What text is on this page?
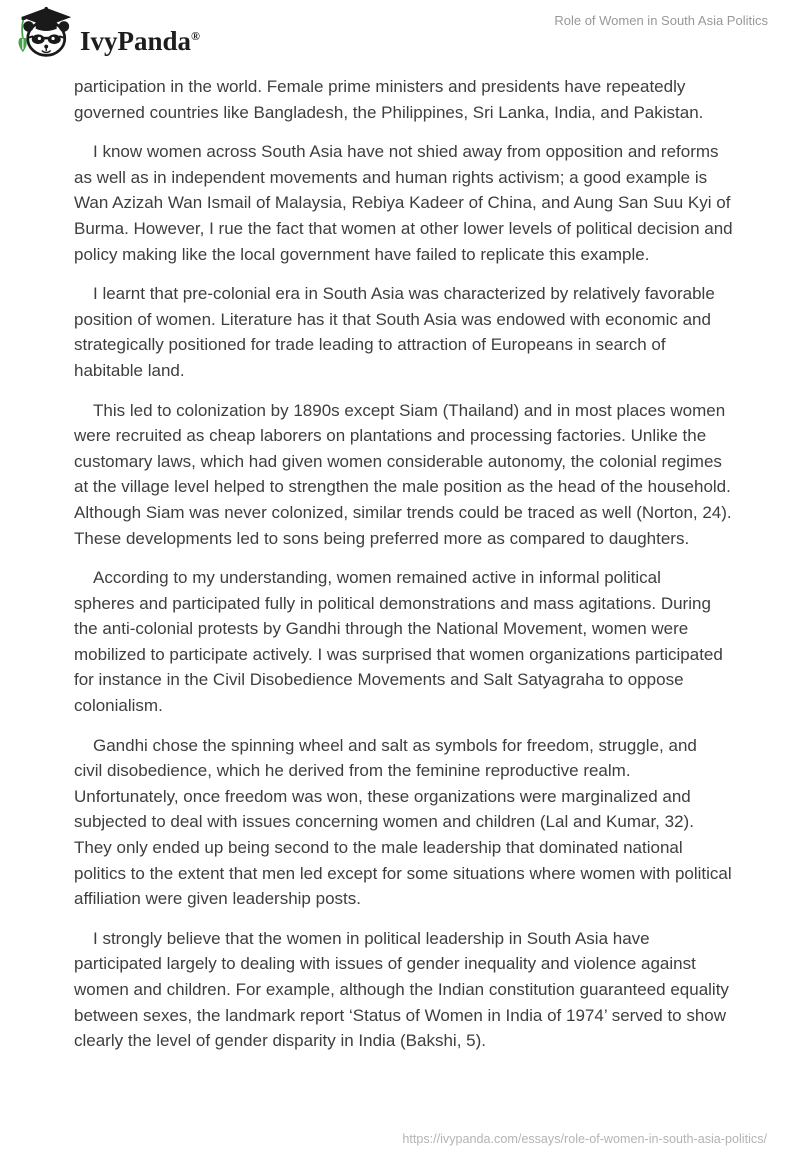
IvyPanda®
Role of Women in South Asia Politics
participation in the world. Female prime ministers and presidents have repeatedly
governed countries like Bangladesh, the Philippines, Sri Lanka, India, and Pakistan.
I know women across South Asia have not shied away from opposition and reforms
as well as in independent movements and human rights activism; a good example is
Wan Azizah Wan Ismail of Malaysia, Rebiya Kadeer of China, and Aung San Suu Kyi of
Burma. However, I rue the fact that women at other lower levels of political decision and
policy making like the local government have failed to replicate this example.
I learnt that pre-colonial era in South Asia was characterized by relatively favorable
position of women. Literature has it that South Asia was endowed with economic and
strategically positioned for trade leading to attraction of Europeans in search of
habitable land.
This led to colonization by 1890s except Siam (Thailand) and in most places women
were recruited as cheap laborers on plantations and processing factories. Unlike the
customary laws, which had given women considerable autonomy, the colonial regimes
at the village level helped to strengthen the male position as the head of the household.
Although Siam was never colonized, similar trends could be traced as well (Norton, 24).
These developments led to sons being preferred more as compared to daughters.
According to my understanding, women remained active in informal political
spheres and participated fully in political demonstrations and mass agitations. During
the anti-colonial protests by Gandhi through the National Movement, women were
mobilized to participate actively. I was surprised that women organizations participated
for instance in the Civil Disobedience Movements and Salt Satyagraha to oppose
colonialism.
Gandhi chose the spinning wheel and salt as symbols for freedom, struggle, and
civil disobedience, which he derived from the feminine reproductive realm.
Unfortunately, once freedom was won, these organizations were marginalized and
subjected to deal with issues concerning women and children (Lal and Kumar, 32).
They only ended up being second to the male leadership that dominated national
politics to the extent that men led except for some situations where women with political
affiliation were given leadership posts.
I strongly believe that the women in political leadership in South Asia have
participated largely to dealing with issues of gender inequality and violence against
women and children. For example, although the Indian constitution guaranteed equality
between sexes, the landmark report ‘Status of Women in India of 1974’ served to show
clearly the level of gender disparity in India (Bakshi, 5).
https://ivypanda.com/essays/role-of-women-in-south-asia-politics/
